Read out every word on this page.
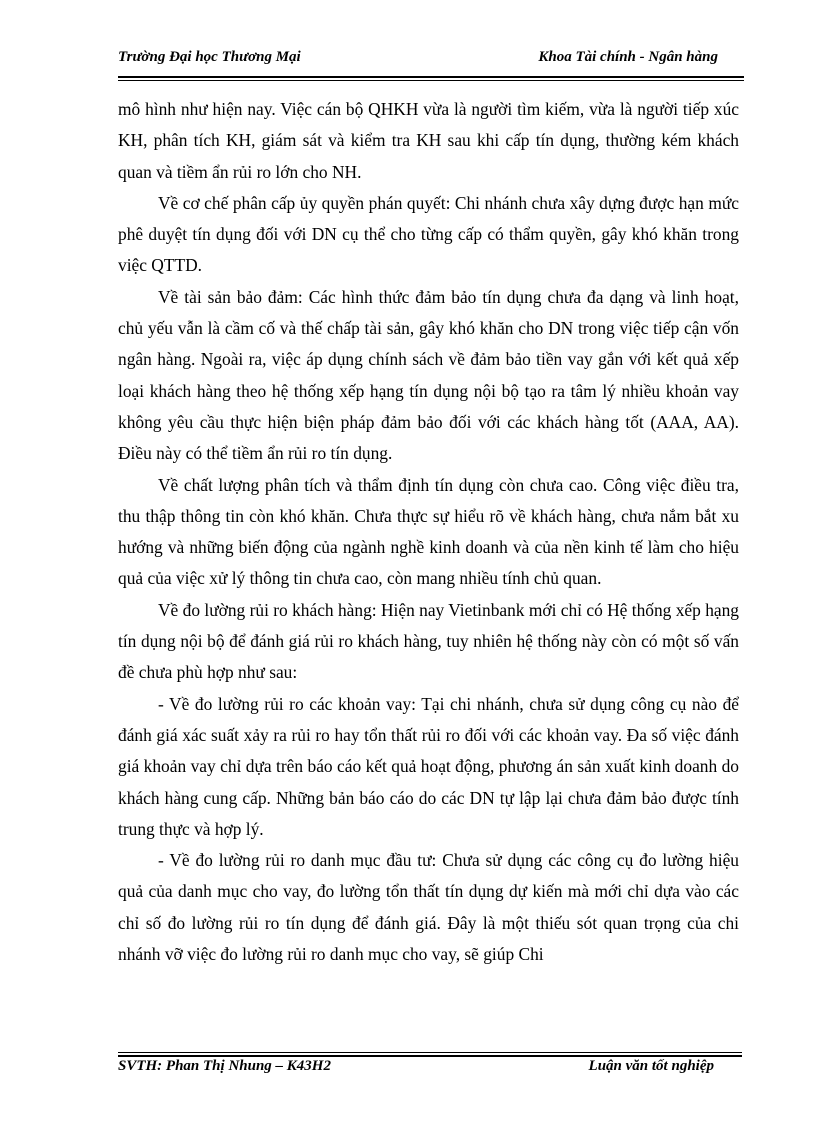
Trường Đại học Thương Mại	Khoa Tài chính - Ngân hàng

mô hình như hiện nay. Việc cán bộ QHKH vừa là người tìm kiếm, vừa là người tiếp xúc KH, phân tích KH, giám sát và kiểm tra KH sau khi cấp tín dụng, thường kém khách quan và tiềm ẩn rủi ro lớn cho NH.

Về cơ chế phân cấp ủy quyền phán quyết: Chi nhánh chưa xây dựng được hạn mức phê duyệt tín dụng đối với DN cụ thể cho từng cấp có thẩm quyền, gây khó khăn trong việc QTTD.

Về tài sản bảo đảm: Các hình thức đảm bảo tín dụng chưa đa dạng và linh hoạt, chủ yếu vẫn là cầm cố và thế chấp tài sản, gây khó khăn cho DN trong việc tiếp cận vốn ngân hàng. Ngoài ra, việc áp dụng chính sách về đảm bảo tiền vay gắn với kết quả xếp loại khách hàng theo hệ thống xếp hạng tín dụng nội bộ tạo ra tâm lý nhiều khoản vay không yêu cầu thực hiện biện pháp đảm bảo đối với các khách hàng tốt (AAA, AA). Điều này có thể tiềm ẩn rủi ro tín dụng.

Về chất lượng phân tích và thẩm định tín dụng còn chưa cao. Công việc điều tra, thu thập thông tin còn khó khăn. Chưa thực sự hiểu rõ về khách hàng, chưa nắm bắt xu hướng và những biến động của ngành nghề kinh doanh và của nền kinh tế làm cho hiệu quả của việc xử lý thông tin chưa cao, còn mang nhiều tính chủ quan.

Về đo lường rủi ro khách hàng: Hiện nay Vietinbank mới chỉ có Hệ thống xếp hạng tín dụng nội bộ để đánh giá rủi ro khách hàng, tuy nhiên hệ thống này còn có một số vấn đề chưa phù hợp như sau:

- Về đo lường rủi ro các khoản vay: Tại chi nhánh, chưa sử dụng công cụ nào để đánh giá xác suất xảy ra rủi ro hay tổn thất rủi ro đối với các khoản vay. Đa số việc đánh giá khoản vay chỉ dựa trên báo cáo kết quả hoạt động, phương án sản xuất kinh doanh do khách hàng cung cấp. Những bản báo cáo do các DN tự lập lại chưa đảm bảo được tính trung thực và hợp lý.

- Về đo lường rủi ro danh mục đầu tư: Chưa sử dụng các công cụ đo lường hiệu quả của danh mục cho vay, đo lường tổn thất tín dụng dự kiến mà mới chỉ dựa vào các chỉ số đo lường rủi ro tín dụng để đánh giá. Đây là một thiếu sót quan trọng của chi nhánh vỡ việc đo lường rủi ro danh mục cho vay, sẽ giúp Chi

SVTH: Phan Thị Nhung – K43H2	Luận văn tốt nghiệp
